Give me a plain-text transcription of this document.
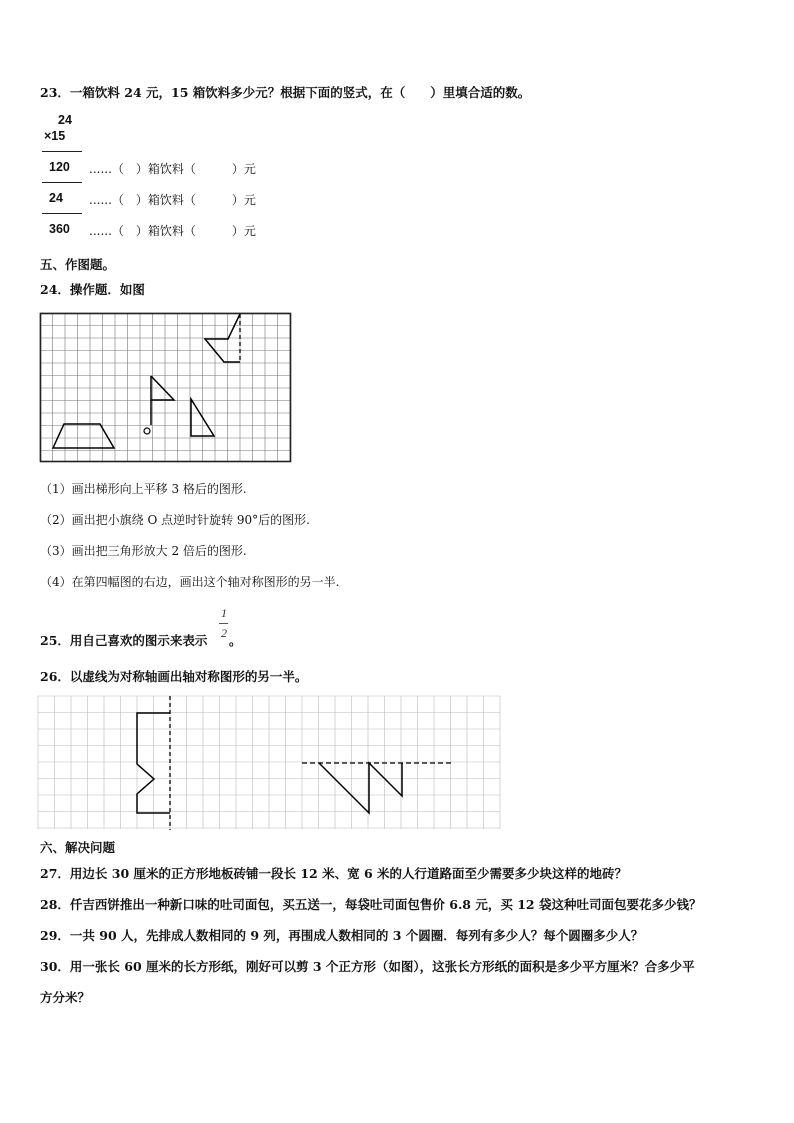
23．一箱饮料 24 元，15 箱饮料多少元？根据下面的竖式，在（　　）里填合适的数。
24
×15
120 ......（　）箱饮料（　　　）元
24 ......（　）箱饮料（　　　）元
360 ......（　）箱饮料（　　　）元
五、作图题。
24．操作题．如图
（1）画出梯形向上平移 3 格后的图形.
（2）画出把小旗绕 O 点逆时针旋转 90°后的图形.
（3）画出把三角形放大 2 倍后的图形.
（4）在第四幅图的右边，画出这个轴对称图形的另一半.
25．用自己喜欢的图示来表示
1
2 。
26．以虚线为对称轴画出轴对称图形的另一半。
六、解决问题
27．用边长 30 厘米的正方形地板砖铺一段长 12 米、宽 6 米的人行道路面至少需要多少块这样的地砖？
28．仟吉西饼推出一种新口味的吐司面包，买五送一，每袋吐司面包售价 6.8 元，买 12 袋这种吐司面包要花多少钱？
29．一共 90 人，先排成人数相同的 9 列，再围成人数相同的 3 个圆圈．每列有多少人？每个圆圈多少人？
30．用一张长 60 厘米的长方形纸，刚好可以剪 3 个正方形（如图），这张长方形纸的面积是多少平方厘米？合多少平
方分米？
